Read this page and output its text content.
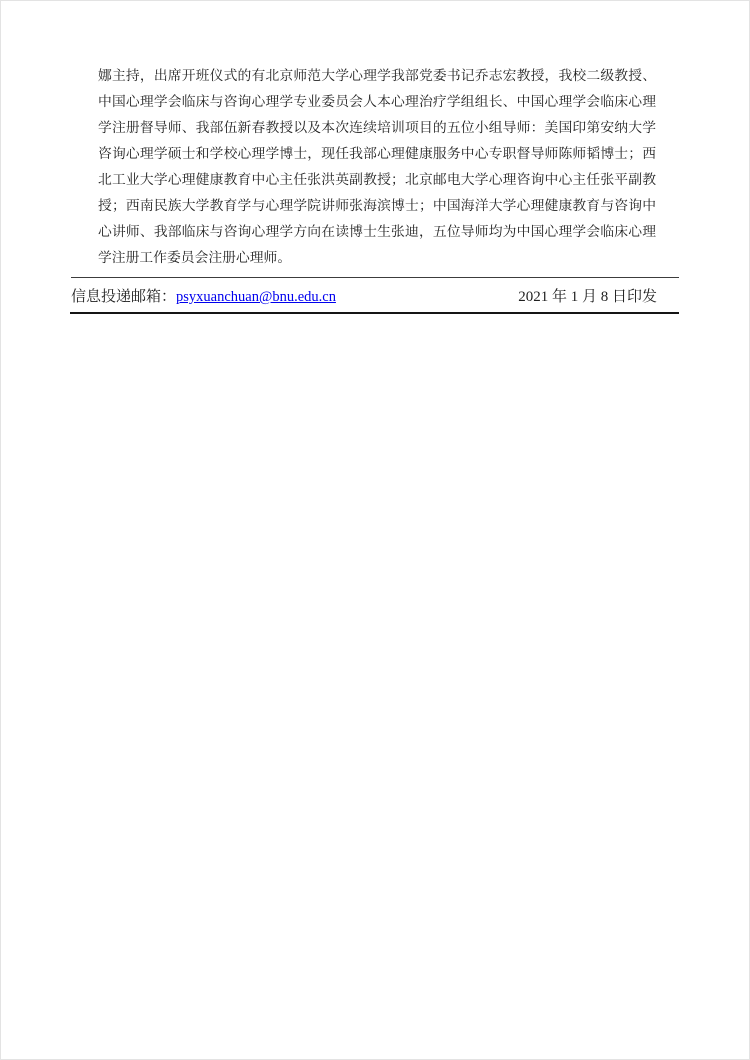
娜主持，出席开班仪式的有北京师范大学心理学我部党委书记乔志宏教授，我校二级教授、
中国心理学会临床与咨询心理学专业委员会人本心理治疗学组组长、中国心理学会临床心理
学注册督导师、我部伍新春教授以及本次连续培训项目的五位小组导师：美国印第安纳大学
咨询心理学硕士和学校心理学博士，现任我部心理健康服务中心专职督导师陈师韬博士；西
北工业大学心理健康教育中心主任张洪英副教授；北京邮电大学心理咨询中心主任张平副教
授；西南民族大学教育学与心理学院讲师张海滨博士；中国海洋大学心理健康教育与咨询中
心讲师、我部临床与咨询心理学方向在读博士生张迪，五位导师均为中国心理学会临床心理
学注册工作委员会注册心理师。
信息投递邮箱：psyxuanchuan@bnu.edu.cn	2021 年 1 月 8 日印发
